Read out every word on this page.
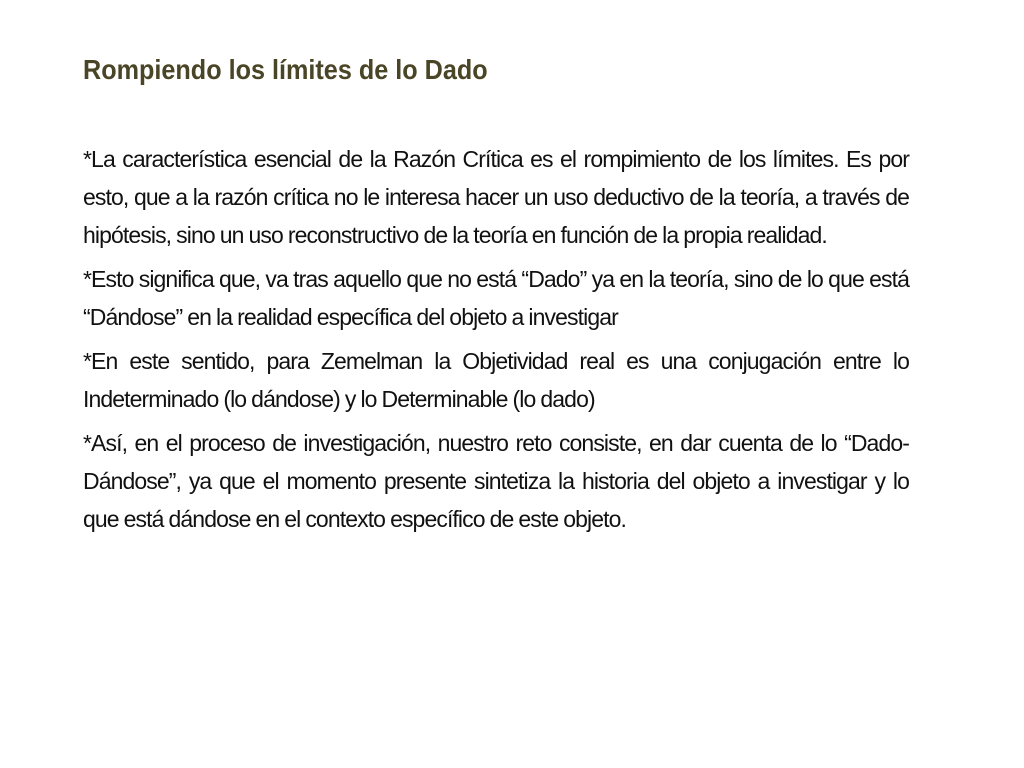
Rompiendo los límites de lo Dado

*La característica esencial de la Razón Crítica es el rompimiento de los límites. Es por esto, que a la razón crítica no le interesa hacer un uso deductivo de la teoría, a través de hipótesis, sino un uso reconstructivo de la teoría en función de la propia realidad.

*Esto significa que, va tras aquello que no está “Dado” ya en la teoría, sino de lo que está “Dándose” en la realidad específica del objeto a investigar

*En este sentido, para Zemelman la Objetividad real es una conjugación entre lo Indeterminado (lo dándose) y lo Determinable (lo dado)

*Así, en el proceso de investigación, nuestro reto consiste, en dar cuenta de lo “Dado-Dándose”, ya que el momento presente sintetiza la historia del objeto a investigar y lo que está dándose en el contexto específico de este objeto.
